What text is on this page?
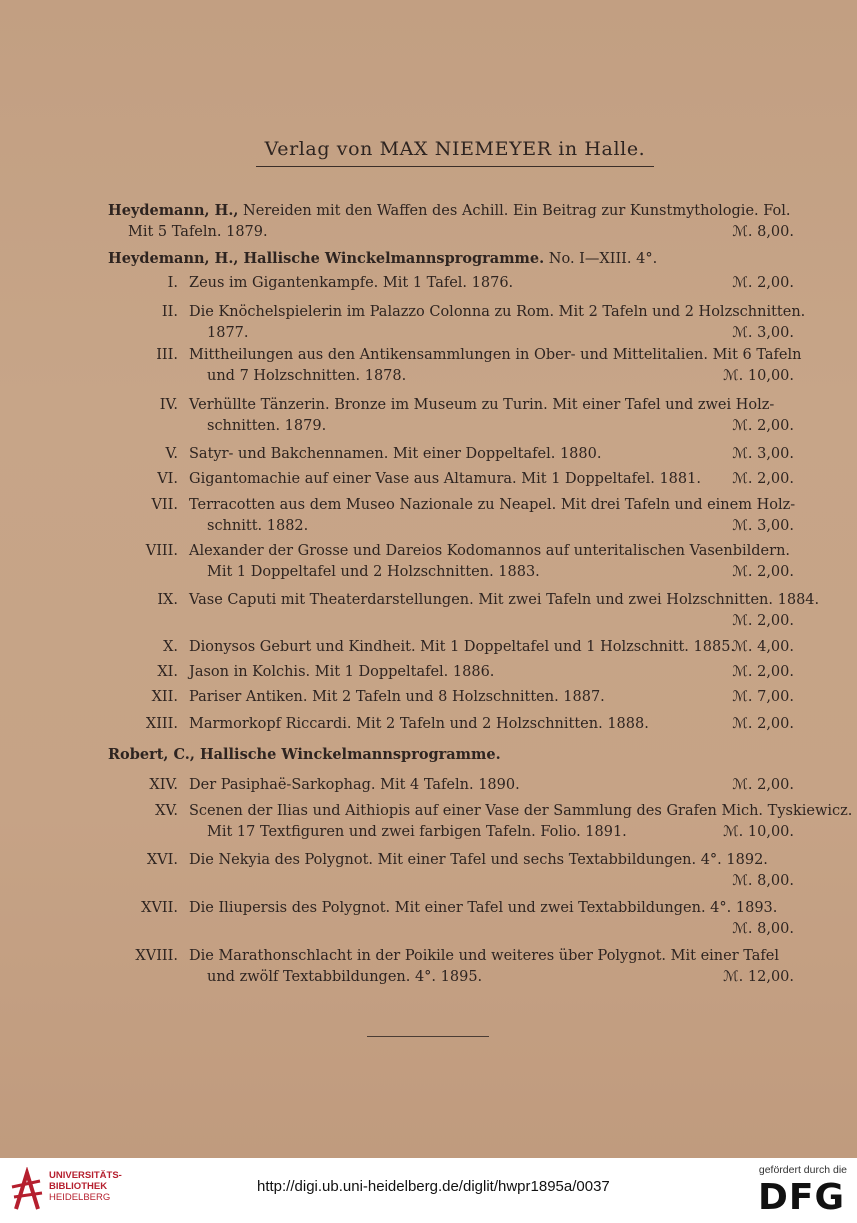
Verlag von MAX NIEMEYER in Halle.
Heydemann, H., Nereiden mit den Waffen des Achill. Ein Beitrag zur Kunstmythologie. Fol.
Mit 5 Tafeln. 1879.	ℳ. 8,00.
Heydemann, H., Hallische Winckelmannsprogramme. No. I—XIII. 4°.
I. Zeus im Gigantenkampfe. Mit 1 Tafel. 1876.	ℳ. 2,00.
II. Die Knöchelspielerin im Palazzo Colonna zu Rom. Mit 2 Tafeln und 2 Holzschnitten.
1877.	ℳ. 3,00.
III. Mittheilungen aus den Antikensammlungen in Ober- und Mittelitalien. Mit 6 Tafeln
und 7 Holzschnitten. 1878.	ℳ. 10,00.
IV. Verhüllte Tänzerin. Bronze im Museum zu Turin. Mit einer Tafel und zwei Holz-
schnitten. 1879.	ℳ. 2,00.
V. Satyr- und Bakchennamen. Mit einer Doppeltafel. 1880.	ℳ. 3,00.
VI. Gigantomachie auf einer Vase aus Altamura. Mit 1 Doppeltafel. 1881. ℳ. 2,00.
VII. Terracotten aus dem Museo Nazionale zu Neapel. Mit drei Tafeln und einem Holz-
schnitt. 1882.	ℳ. 3,00.
VIII. Alexander der Grosse und Dareios Kodomannos auf unteritalischen Vasenbildern.
Mit 1 Doppeltafel und 2 Holzschnitten. 1883.	ℳ. 2,00.
IX. Vase Caputi mit Theaterdarstellungen. Mit zwei Tafeln und zwei Holzschnitten. 1884.
ℳ. 2,00.
X. Dionysos Geburt und Kindheit. Mit 1 Doppeltafel und 1 Holzschnitt. 1885.
ℳ. 4,00.
XI. Jason in Kolchis. Mit 1 Doppeltafel. 1886.	ℳ. 2,00.
XII. Pariser Antiken. Mit 2 Tafeln und 8 Holzschnitten. 1887.	ℳ. 7,00.
XIII. Marmorkopf Riccardi. Mit 2 Tafeln und 2 Holzschnitten. 1888.	ℳ. 2,00.
Robert, C., Hallische Winckelmannsprogramme.
XIV. Der Pasiphaë-Sarkophag. Mit 4 Tafeln. 1890.	ℳ. 2,00.
XV. Scenen der Ilias und Aithiopis auf einer Vase der Sammlung des Grafen Mich. Tyskiewicz.
Mit 17 Textfiguren und zwei farbigen Tafeln. Folio. 1891.	ℳ. 10,00.
XVI. Die Nekyia des Polygnot. Mit einer Tafel und sechs Textabbildungen. 4°. 1892.
ℳ. 8,00.
XVII. Die Iliupersis des Polygnot. Mit einer Tafel und zwei Textabbildungen. 4°. 1893.
ℳ. 8,00.
XVIII. Die Marathonschlacht in der Poikile und weiteres über Polygnot. Mit einer Tafel
und zwölf Textabbildungen. 4°. 1895.	ℳ. 12,00.
UNIVERSITÄTS-
BIBLIOTHEK
HEIDELBERG
http://digi.ub.uni-heidelberg.de/diglit/hwpr1895a/0037
gefördert durch die
DFG
